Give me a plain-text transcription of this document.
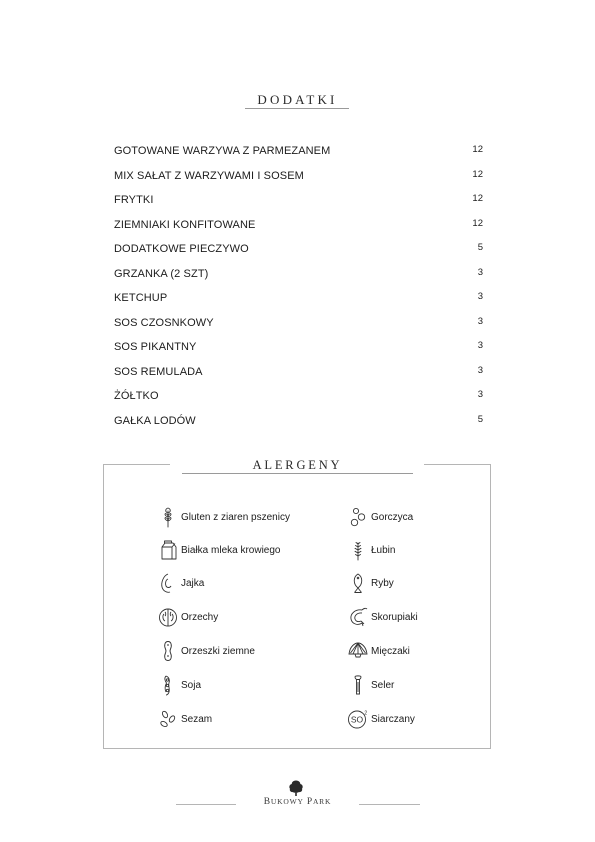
DODATKI
GOTOWANE WARZYWA Z PARMEZANEM	12
MIX SAŁAT Z WARZYWAMI I SOSEM	12
FRYTKI	12
ZIEMNIAKI KONFITOWANE	12
DODATKOWE PIECZYWO	5
GRZANKA (2 SZT)	3
KETCHUP	3
SOS CZOSNKOWY	3
SOS PIKANTNY	3
SOS REMULADA	3
ŻÓŁTKO	3
GAŁKA LODÓW	5
ALERGENY
Gluten z ziaren pszenicy
Białka mleka krowiego
Jajka
Orzechy
Orzeszki ziemne
Soja
Sezam
Gorczyca
Łubin
Ryby
Skorupiaki
Mięczaki
Seler
SO
2 Siarczany
BUKOWY PARK
